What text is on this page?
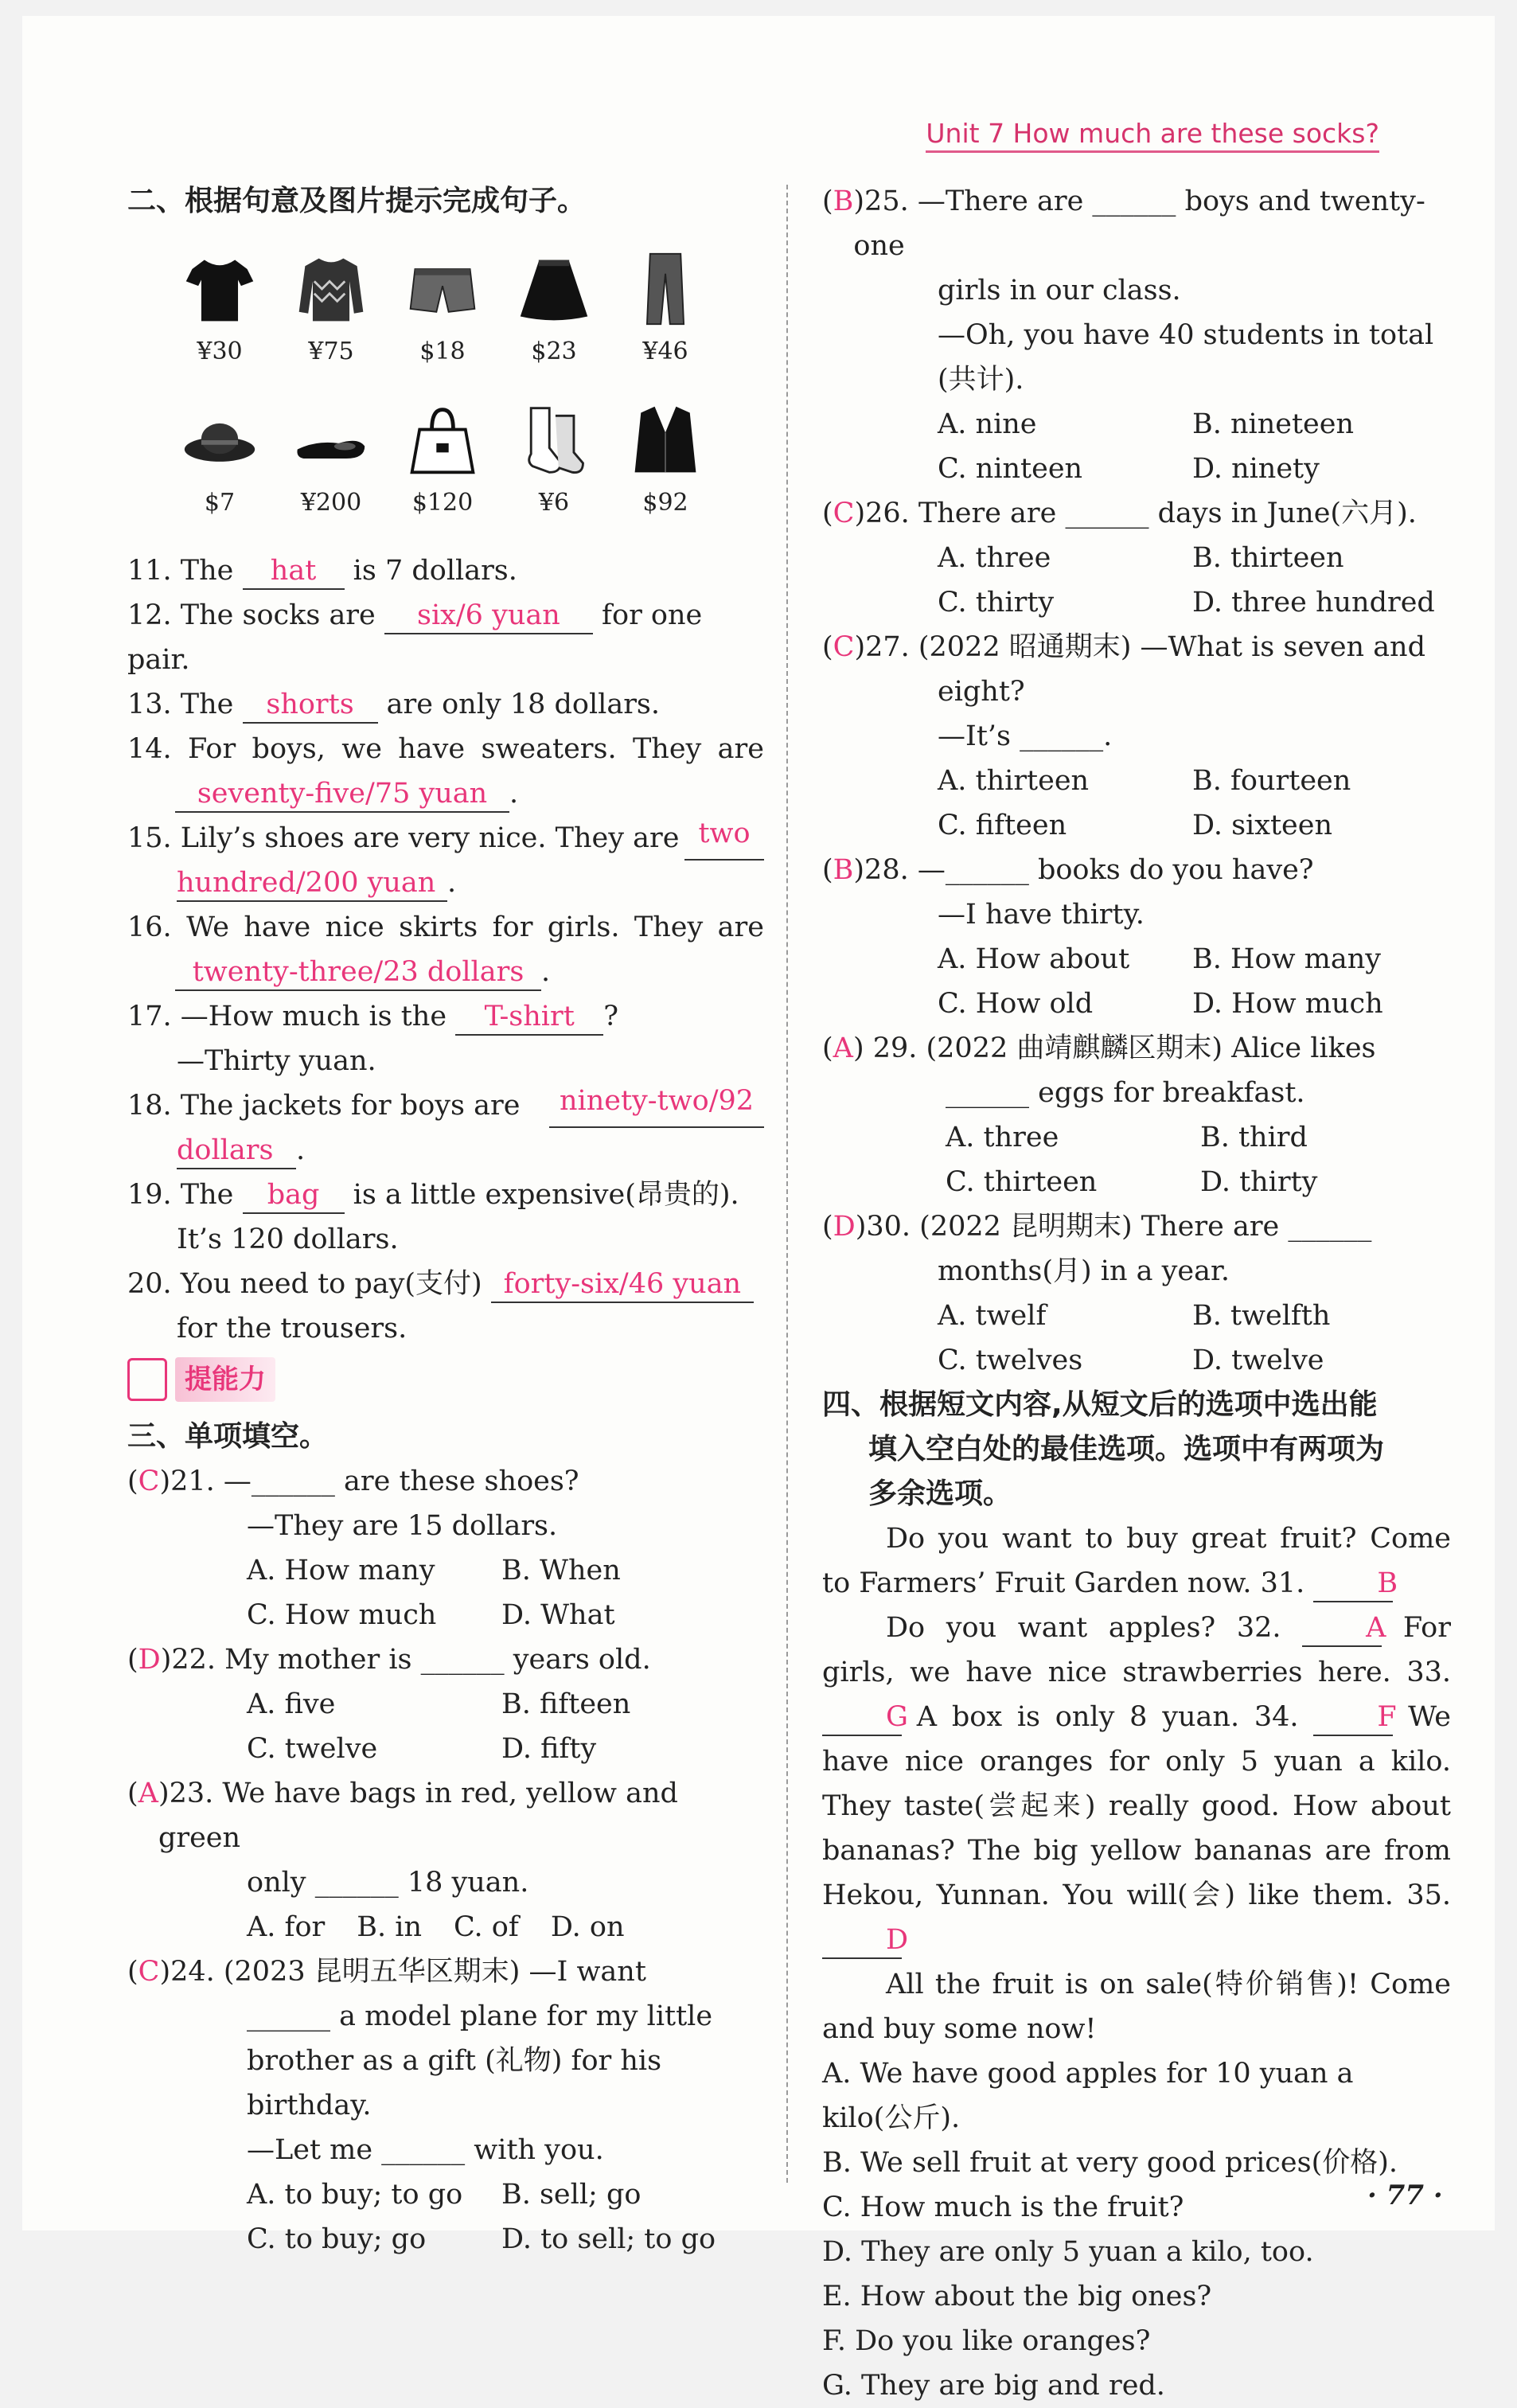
Unit 7 How much are these socks?
二、根据句意及图片提示完成句子。
¥30	¥75	$18	$23	¥46
$7	¥200	$120	¥6	$92
11. The hat is 7 dollars.
12. The socks are six/6 yuan for one pair.
13. The shorts are only 18 dollars.
14. For boys, we have sweaters. They are
seventy-five/75 yuan .
15. Lily’s shoes are very nice. They are two
hundred/200 yuan .
16. We have nice skirts for girls. They are
twenty-three/23 dollars .
17. —How much is the T-shirt ?
—Thirty yuan.
18. The jackets for boys are	ninety-two/92
dollars .
19. The bag is a little expensive(昂贵的).
It’s 120 dollars.
20. You need to pay(支付) forty-six/46 yuan
for the trousers.
提能力
三、单项填空。
( C )21. —______ are these shoes?
—They are 15 dollars.
A. How many	B. When
C. How much	D. What
( D )22. My mother is ______ years old.
A. five	B. fifteen
C. twelve	D. fifty
( A )23. We have bags in red, yellow and green
only ______ 18 yuan.
A. for B. in C. of D. on
( C )24. (2023 昆明五华区期末) —I want
______ a model plane for my little
brother as a gift (礼物) for his
birthday.
—Let me ______ with you.
A. to buy; to go	B. sell; go
C. to buy; go	D. to sell; to go
( B )25. —There are ______ boys and twenty-one
girls in our class.
—Oh, you have 40 students in total
(共计).
A. nine	B. nineteen
C. ninteen	D. ninety
( C )26. There are ______ days in June(六月).
A. three	B. thirteen
C. thirty	D. three hundred
( C )27. (2022 昭通期末) —What is seven and
eight?
—It’s ______.
A. thirteen	B. fourteen
C. fifteen	D. sixteen
( B )28. —______ books do you have?
—I have thirty.
A. How about	B. How many
C. How old	D. How much
( A ) 29. (2022 曲靖麒麟区期末) Alice likes
______ eggs for breakfast.
A. three	B. third
C. thirteen	D. thirty
( D )30. (2022 昆明期末) There are ______
months(月) in a year.
A. twelf	B. twelfth
C. twelves	D. twelve
四、根据短文内容,从短文后的选项中选出能
填入空白处的最佳选项。选项中有两项为
多余选项。
Do you want to buy great fruit? Come to Farmers’ Fruit Garden now. 31.	B
Do you want apples? 32.	A For girls, we have nice strawberries here. 33. G A box is only 8 yuan. 34.	F We have nice oranges for only 5 yuan a kilo. They taste(尝起来) really good. How about bananas? The big yellow bananas are from Hekou, Yunnan. You will(会) like them. 35. D
All the fruit is on sale(特价销售)! Come and buy some now!
A. We have good apples for 10 yuan a kilo(公斤).
B. We sell fruit at very good prices(价格).
C. How much is the fruit?
D. They are only 5 yuan a kilo, too.
E. How about the big ones?
F. Do you like oranges?
G. They are big and red.
· 77 ·
